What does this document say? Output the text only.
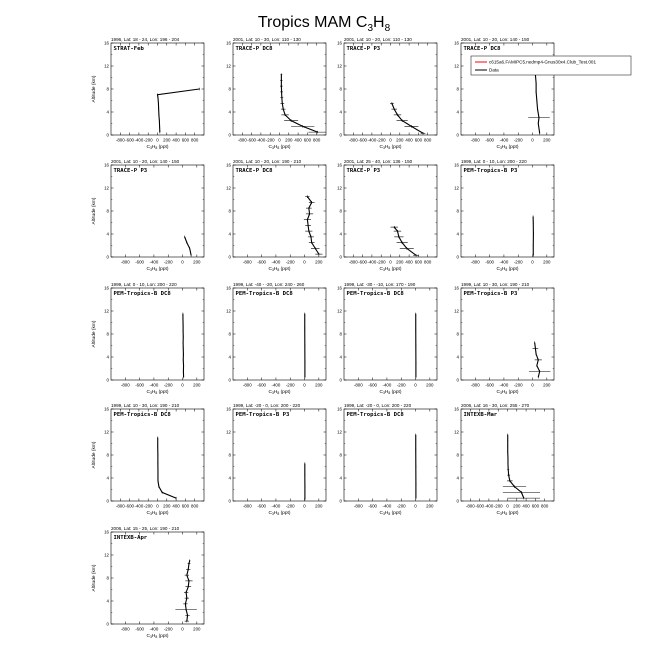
Tropics MAM $C_3H_8$
1996, Lat: 18 - 24, Lon: 196 - 204
STRAT-Feb
0
4
8
12
16
-800 -600 -400 -200 0 200 400 600 800
$C_3H_8$ (ppt)
Altitude (km)
2001, Lat: 10 - 30, Lon: 110 - 130
TRACE-P DC8
0
4
8
12
16
-800 -600 -400 -200 0 200 400 600 800
$C_3H_8$ (ppt)
2001, Lat: 10 - 20, Lon: 110 - 130
TRACE-P P3
0
4
8
12
16
-800 -600 -400 -200 0 200 400 600 800
$C_3H_8$ (ppt)
2001, Lat: 10 - 20, Lon: 140 - 150
TRACE-P DC8
0
4
8
12
16
-800 -600 -400 -200 0 200
$C_3H_8$ (ppt)
c615a6.FAMIPC5.nedmp4-Gnus30x4.Club_Test.001
Data
2001, Lat: 10 - 20, Lon: 140 - 150
TRACE-P P3
0
4
8
12
16
-800 -600 -400 -200 0 200
$C_3H_8$ (ppt)
Altitude (km)
2001, Lat: 10 - 20, Lon: 190 - 210
TRACE-P DC8
0
4
8
12
16
-800 -600 -400 -200 0 200
$C_3H_8$ (ppt)
2001, Lat: 25 - 40, Lon: 136 - 150
TRACE-P P3
0
4
8
12
16
-800 -600 -400 -200 0 200 400 600 800
$C_3H_8$ (ppt)
1999, Lat: 0 - 10, Lon: 200 - 220
PEM-Tropics-B P3
0
4
8
12
16
-800 -600 -400 -200 0 200
$C_3H_8$ (ppt)
1999, Lat: 0 - 10, Lon: 200 - 220
PEM-Tropics-B DC8
0
4
8
12
16
-800 -600 -400 -200 0 200
$C_3H_8$ (ppt)
Altitude (km)
1999, Lat: -40 - -20, Lon: 240 - 260
PEM-Tropics-B DC8
0
4
8
12
16
-800 -600 -400 -200 0 200
$C_3H_8$ (ppt)
1999, Lat: -30 - -10, Lon: 170 - 190
PEM-Tropics-B DC8
0
4
8
12
16
-800 -600 -400 -200 0 200
$C_3H_8$ (ppt)
1999, Lat: 10 - 30, Lon: 190 - 210
PEM-Tropics-B P3
0
4
8
12
16
-800 -600 -400 -200 0 200
$C_3H_8$ (ppt)
1999, Lat: 10 - 30, Lon: 190 - 210
PEM-Tropics-B DC8
0
4
8
12
16
-800 -600 -400 -200 0 200 400 600 800
$C_3H_8$ (ppt)
Altitude (km)
1999, Lat: -20 - 0, Lon: 200 - 220
PEM-Tropics-B P3
0
4
8
12
16
-800 -600 -400 -200 0 200
$C_3H_8$ (ppt)
1999, Lat: -20 - 0, Lon: 200 - 220
PEM-Tropics-B DC8
0
4
8
12
16
-800 -600 -400 -200 0 200
$C_3H_8$ (ppt)
2006, Lat: 16 - 30, Lon: 255 - 270
INTEXB-Mar
0
4
8
12
16
-800 -600 -400 -200 0 200 400 600 800
$C_3H_8$ (ppt)
2006, Lat: 15 - 25, Lon: 190 - 210
INTEXB-Apr
0
4
8
12
16
-800 -600 -400 -200 0 200
$C_3H_8$ (ppt)
Altitude (km)
